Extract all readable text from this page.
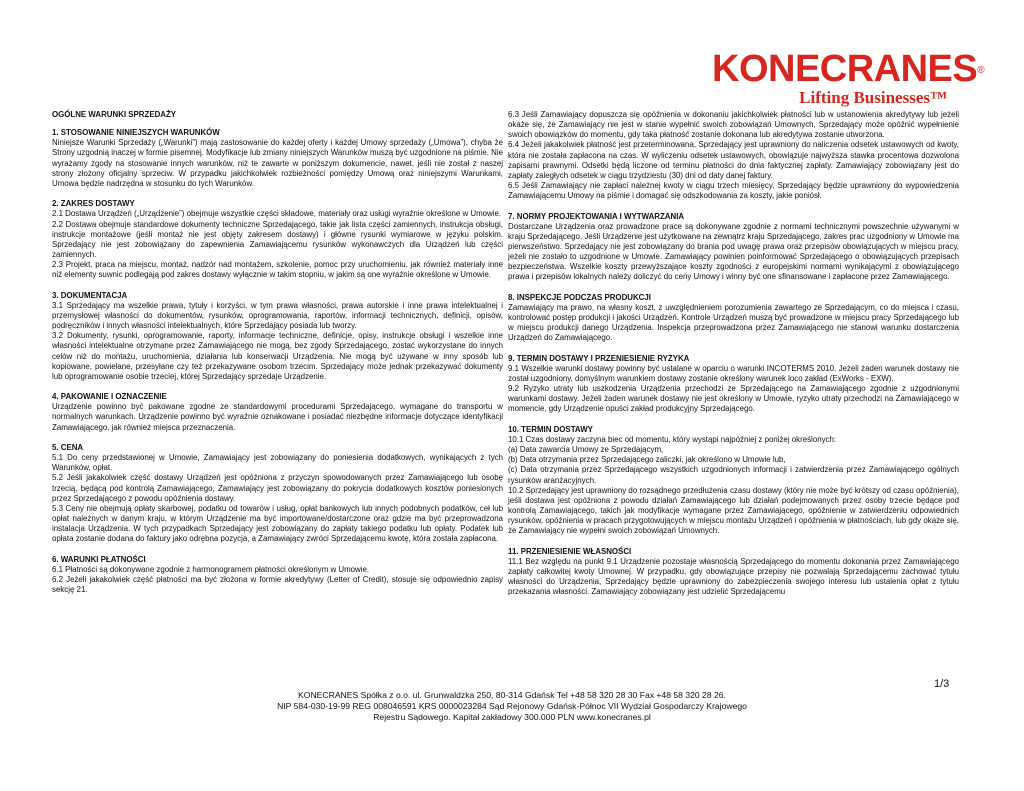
KONECRANES®
Lifting Businesses™
OGÓLNE WARUNKI SPRZEDAŻY
1. STOSOWANIE NINIEJSZYCH WARUNKÓW

Niniejsze Warunki Sprzedaży („Warunki”) mają zastosowanie do każdej oferty i każdej Umowy sprzedaży („Umowa”), chyba że Strony uzgodnią inaczej w formie pisemnej. Modyfikacje lub zmiany niniejszych Warunków muszą być uzgodnione na piśmie. Nie wyrażamy zgody na stosowanie innych warunków, niż te zawarte w poniższym dokumencie, nawet, jeśli nie został z naszej strony złożony oficjalny sprzeciw. W przypadku jakichkolwiek rozbieżności pomiędzy Umową oraz niniejszymi Warunkami, Umowa będzie nadrzędna w stosunku do tych Warunków.

2. ZAKRES DOSTAWY

2.1 Dostawa Urządzeń („Urządzenie”) obejmuje wszystkie części składowe, materiały oraz usługi wyraźnie określone w Umowie.

2.2 Dostawa obejmuje standardowe dokumenty techniczne Sprzedającego, takie jak lista części zamiennych, instrukcja obsługi, instrukcje montażowe (jeśli montaż nie jest objęty zakresem dostawy) i główne rysunki wymiarowe w języku polskim. Sprzedający nie jest zobowiązany do zapewnienia Zamawiającemu rysunków wykonawczych dla Urządzeń lub części zamiennych.

2.3 Projekt, praca na miejscu, montaż, nadzór nad montażem, szkolenie, pomoc przy uruchomieniu, jak również materiały inne niż elementy suwnic podlegają pod zakres dostawy wyłącznie w takim stopniu, w jakim są one wyraźnie określone w Umowie.

3. DOKUMENTACJA

3.1 Sprzedający ma wszelkie prawa, tytuły i korzyści, w tym prawa własności, prawa autorskie i inne prawa intelektualnej i przemysłowej własności do dokumentów, rysunków, oprogramowania, raportów, informacji technicznych, definicji, opisów, podręczników i innych własności intelektualnych, które Sprzedający posiada lub tworzy.

3.2 Dokumenty, rysunki, oprogramowanie, raporty, informacje techniczne, definicje, opisy, instrukcje obsługi i wszelkie inne własności intelektualne otrzymane przez Zamawiającego nie mogą, bez zgody Sprzedającego, zostać wykorzystane do innych celów niż do montażu, uruchomienia, działania lub konserwacji Urządzenia. Nie mogą być używane w inny sposób lub kopiowane, powielane, przesyłane czy też przekazywane osobom trzecim. Sprzedający może jednak przekazywać dokumenty lub oprogramowanie osobie trzeciej, której Sprzedający sprzedaje Urządzenie.

4. PAKOWANIE I OZNACZENIE

Urządzenie powinno być pakowane zgodne ze standardowymi procedurami Sprzedającego, wymagane do transportu w normalnych warunkach. Urządzenie powinno być wyraźnie oznakowane i posiadać niezbędne informacje dotyczące identyfikacji Zamawiającego, jak również miejsca przeznaczenia.

5. CENA

5.1 Do ceny przedstawionej w Umowie, Zamawiający jest zobowiązany do poniesienia dodatkowych, wynikających z tych Warunków, opłat.

5.2 Jeśli jakakolwiek część dostawy Urządzeń jest opóźniona z przyczyn spowodowanych przez Zamawiającego lub osobę trzecią, będącą pod kontrolą Zamawiającego, Zamawiający jest zobowiązany do pokrycia dodatkowych kosztów poniesionych przez Sprzedającego z powodu opóźnienia dostawy.

5.3 Ceny nie obejmują opłaty skarbowej, podatku od towarów i usług, opłat bankowych lub innych podobnych podatków, ceł lub opłat należnych w danym kraju, w którym Urządzenie ma być importowane/dostarczone oraz gdzie ma być przeprowadzona instalacja Urządzenia. W tych przypadkach Sprzedający jest zobowiązany do zapłaty takiego podatku lub opłaty. Podatek lub opłata zostanie dodana do faktury jako odrębna pozycja, a Zamawiający zwróci Sprzedającemu kwotę, która została zapłacona.

6. WARUNKI PŁATNOŚCI

6.1 Płatności są dokonywane zgodnie z harmonogramem płatności określonym w Umowie.

6.2 Jeżeli jakakolwiek część płatności ma być złożona w formie akredytywy (Letter of Credit), stosuje się odpowiednio zapisy sekcję 21.

6.3 Jeśli Zamawiający dopuszcza się opóźnienia w dokonaniu jakichkolwiek płatności lub w ustanowienia akredytywy lub jeżeli okaże się, że Zamawiający nie jest w stanie wypełnić swoich zobowiązań Umownych, Sprzedający może opóźnić wypełnienie swoich obowiązków do momentu, gdy taka płatność zostanie dokonana lub akredytywa zostanie utworzona.

6.4 Jeżeli jakakolwiek płatność jest przeterminowana, Sprzedający jest uprawniony do naliczenia odsetek ustawowych od kwoty, która nie została zapłacona na czas. W wyliczeniu odsetek ustawowych, obowiązuje najwyższa stawka procentowa dozwolona zapisami prawnymi. Odsetki będą liczone od terminu płatności do dnia faktycznej zapłaty. Zamawiający zobowiązany jest do zapłaty zaległych odsetek w ciągu trzydziestu (30) dni od daty danej faktury.

6.5 Jeśli Zamawiający nie zapłaci należnej kwoty w ciągu trzech miesięcy, Sprzedający będzie uprawniony do wypowiedzenia Zamawiającemu Umowy na piśmie i domagać się odszkodowania za koszty, jakie poniósł.

7. NORMY PROJEKTOWANIA I WYTWARZANIA

Dostarczane Urządzenia oraz prowadzone prace są dokonywane zgodnie z normami technicznymi powszechnie używanymi w kraju Sprzedającego. Jeśli Urządzenie jest użytkowane na zewnątrz kraju Sprzedającego, zakres prac uzgodniony w Umowie ma pierwszeństwo. Sprzedający nie jest zobowiązany do brania pod uwagę prawa oraz przepisów obowiązujących w miejscu pracy, jeżeli nie zostało to uzgodnione w Umowie. Zamawiający powinien poinformować Sprzedającego o obowiązujących przepisach bezpieczeństwa. Wszelkie koszty przewyższające koszty zgodności z europejskimi normami wynikającymi z obowiązującego prawa i przepisów lokalnych należy doliczyć do ceny Umowy i winny być one sfinansowane i zapłacone przez Zamawiającego.

8. INSPEKCJE PODCZAS PRODUKCJI

Zamawiający ma prawo, na własny koszt, z uwzględnieniem porozumienia zawartego ze Sprzedającym, co do miejsca i czasu, kontrolować postęp produkcji i jakości Urządzeń. Kontrole Urządzeń muszą być prowadzone w miejscu pracy Sprzedającego lub w miejscu produkcji danego Urządzenia. Inspekcja przeprowadzona przez Zamawiającego nie stanowi warunku dostarczenia Urządzeń do Zamawiającego.

9. TERMIN DOSTAWY I PRZENIESIENIE RYZYKA

9.1 Wszelkie warunki dostawy powinny być ustalane w oparciu o warunki INCOTERMS 2010. Jeżeli żaden warunek dostawy nie został uzgodniony, domyślnym warunkiem dostawy zostanie określony warunek loco zakład (ExWorks - EXW).

9.2 Ryzyko utraty lub uszkodzenia Urządzenia przechodzi ze Sprzedającego na Zamawiającego zgodnie z uzgodnionymi warunkami dostawy. Jeżeli żaden warunek dostawy nie jest określony w Umowie, ryzyko utraty przechodzi na Zamawiającego w momencie, gdy Urządzenie opuści zakład produkcyjny Sprzedającego.

10. TERMIN DOSTAWY

10.1 Czas dostawy zaczyna biec od momentu, który wystąpi najpóźniej z poniżej określonych:

(a) Data zawarcia Umowy ze Sprzedającym,

(b) Data otrzymania przez Sprzedającego zaliczki, jak określono w Umowie lub,

(c) Data otrzymania przez Sprzedającego wszystkich uzgodnionych informacji i zatwierdzenia przez Zamawiającego ogólnych rysunków aranżacyjnych.

10.2 Sprzedający jest uprawniony do rozsądnego przedłużenia czasu dostawy (który nie może być krótszy od czasu opóźnienia), jeśli dostawa jest opóźniona z powodu działań Zamawiającego lub działań podejmowanych przez osoby trzecie będące pod kontrolą Zamawiającego, takich jak modyfikacje wymagane przez Zamawiającego, opóźnienie w zatwierdzeniu odpowiednich rysunków, opóźnienia w pracach przygotowujących w miejscu montażu Urządzeń i opóźnienia w płatnościach, lub gdy okaże się, że Zamawiający nie wypełni swoich zobowiązań Umownych.

11. PRZENIESIENIE WŁASNOŚCI

11.1 Bez względu na punkt 9.1 Urządzenie pozostaje własnością Sprzedającego do momentu dokonania przez Zamawiającego zapłaty całkowitej kwoty Umownej. W przypadku, gdy obowiązujące przepisy nie pozwalają Sprzedającemu zachować tytułu własności do Urządzenia, Sprzedający będzie uprawniony do zabezpieczenia swojego interesu lub ustalenia opłat z tytułu przekazania własności. Zamawiający zobowiązany jest udzielić Sprzedającemu

1/3
KONECRANES Spółka z o.o. ul. Grunwaldzka 250, 80-314 Gdańsk Tel +48 58 320 28 30 Fax +48 58 320 28 26.
NIP 584-030-19-99 REG 008046591 KRS 0000023284 Sąd Rejonowy Gdańsk-Północ VII Wydział Gospodarczy Krajowego
Rejestru Sądowego. Kapitał zakładowy 300.000 PLN www.konecranes.pl
